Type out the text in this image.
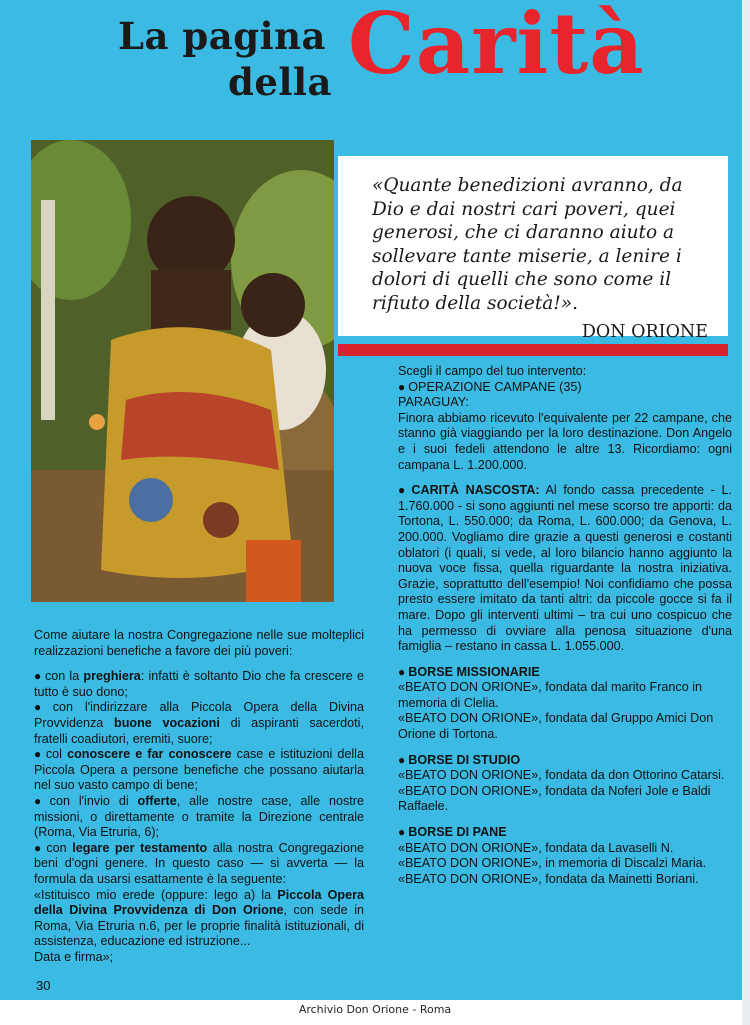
La pagina
della Carità
«Quante benedizioni avranno, da Dio e dai nostri cari poveri, quei generosi, che ci daranno aiuto a sollevare tante miserie, a lenire i dolori di quelli che sono come il rifiuto della società!».
DON ORIONE
Come aiutare la nostra Congregazione nelle sue molteplici realizzazioni benefiche a favore dei più poveri:
● con la preghiera: infatti è soltanto Dio che fa crescere e tutto è suo dono;
● con l'indirizzare alla Piccola Opera della Divina Provvidenza buone vocazioni di aspiranti sacerdoti, fratelli coadiutori, eremiti, suore;
● col conoscere e far conoscere case e istituzioni della Piccola Opera a persone benefiche che possano aiutarla nel suo vasto campo di bene;
● con l'invio di offerte, alle nostre case, alle nostre missioni, o direttamente o tramite la Direzione centrale (Roma, Via Etruria, 6);
● con legare per testamento alla nostra Congregazione beni d'ogni genere. In questo caso — si avverta — la formula da usarsi esattamente è la seguente:
«Istituisco mio erede (oppure: lego a) la Piccola Opera della Divina Provvidenza di Don Orione, con sede in Roma, Via Etruria n.6, per le proprie finalità istituzionali, di assistenza, educazione ed istruzione...
Data e firma»;
30
Scegli il campo del tuo intervento:
● OPERAZIONE CAMPANE (35)
PARAGUAY:
Finora abbiamo ricevuto l'equivalente per 22 campane, che stanno già viaggiando per la loro destinazione. Don Angelo e i suoi fedeli attendono le altre 13. Ricordiamo: ogni campana L. 1.200.000.
● CARITÀ NASCOSTA: Al fondo cassa precedente - L. 1.760.000 - si sono aggiunti nel mese scorso tre apporti: da Tortona, L. 550.000; da Roma, L. 600.000; da Genova, L. 200.000. Vogliamo dire grazie a questi generosi e costanti oblatori (i quali, si vede, al loro bilancio hanno aggiunto la nuova voce fissa, quella riguardante la nostra iniziativa. Grazie, soprattutto dell'esempio! Noi confidiamo che possa presto essere imitato da tanti altri: da piccole gocce si fa il mare. Dopo gli interventi ultimi – tra cui uno cospicuo che ha permesso di ovviare alla penosa situazione d'una famiglia – restano in cassa L. 1.055.000.
● BORSE MISSIONARIE
«BEATO DON ORIONE», fondata dal marito Franco in memoria di Clelia.
«BEATO DON ORIONE», fondata dal Gruppo Amici Don Orione di Tortona.
● BORSE DI STUDIO
«BEATO DON ORIONE», fondata da don Ottorino Catarsi.
«BEATO DON ORIONE», fondata da Noferi Jole e Baldi Raffaele.
● BORSE DI PANE
«BEATO DON ORIONE», fondata da Lavaselli N.
«BEATO DON ORIONE», in memoria di Discalzi Maria.
«BEATO DON ORIONE», fondata da Mainetti Boriani.
Archivio Don Orione - Roma
